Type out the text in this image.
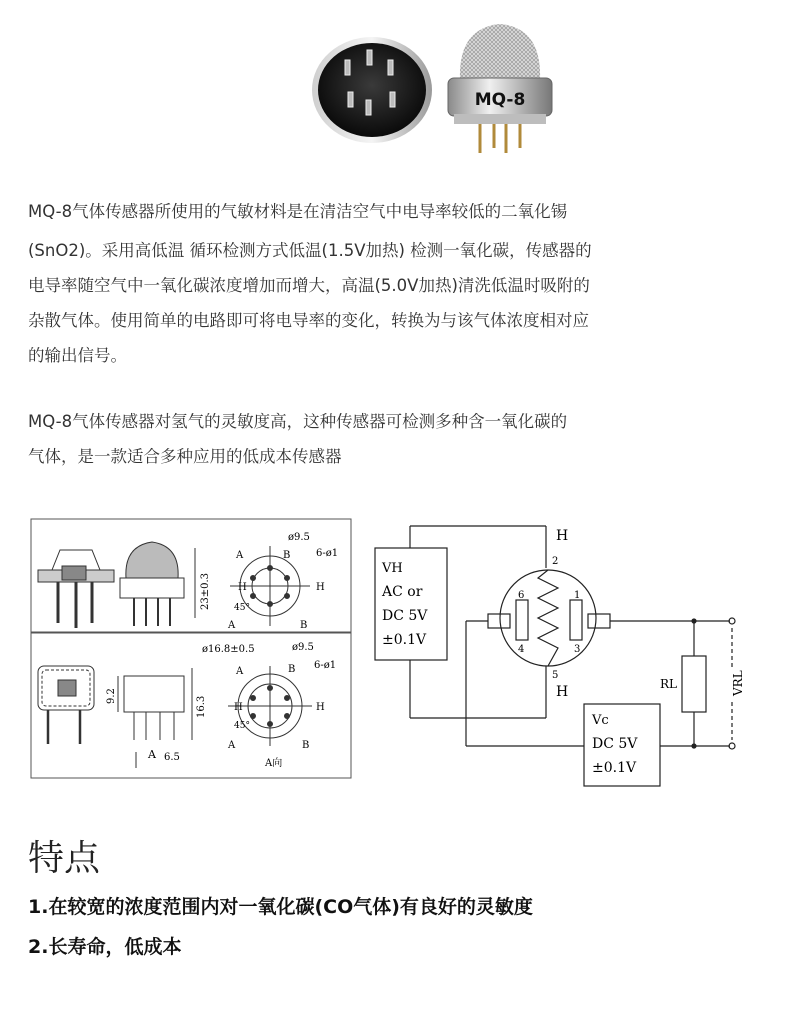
MQ-8
MQ-8气体传感器所使用的气敏材料是在清洁空气中电导率较低的二氧化锡
(SnO2)。采用高低温 循环检测方式低温(1.5V加热) 检测一氧化碳，传感器的
电导率随空气中一氧化碳浓度增加而增大，高温(5.0V加热)清洗低温时吸附的
杂散气体。使用简单的电路即可将电导率的变化，转换为与该气体浓度相对应
的输出信号。
MQ-8气体传感器对氢气的灵敏度高，这种传感器可检测多种含一氧化碳的
气体，是一款适合多种应用的低成本传感器
23±0.3
ø9.5
6-ø1
45°
A	B
H	H
A	B
9.2	16.3
A 6.5
ø16.8±0.5	ø9.5
6-ø1
45°
A向
A	B
H	H
A	B
VH
AC or
DC 5V
±0.1V
Vc
DC 5V
±0.1V
H
H
2
6	1
4	3
5
RL	VRL
特点
1.在较宽的浓度范围内对一氧化碳(CO气体)有良好的灵敏度
2.长寿命，低成本
